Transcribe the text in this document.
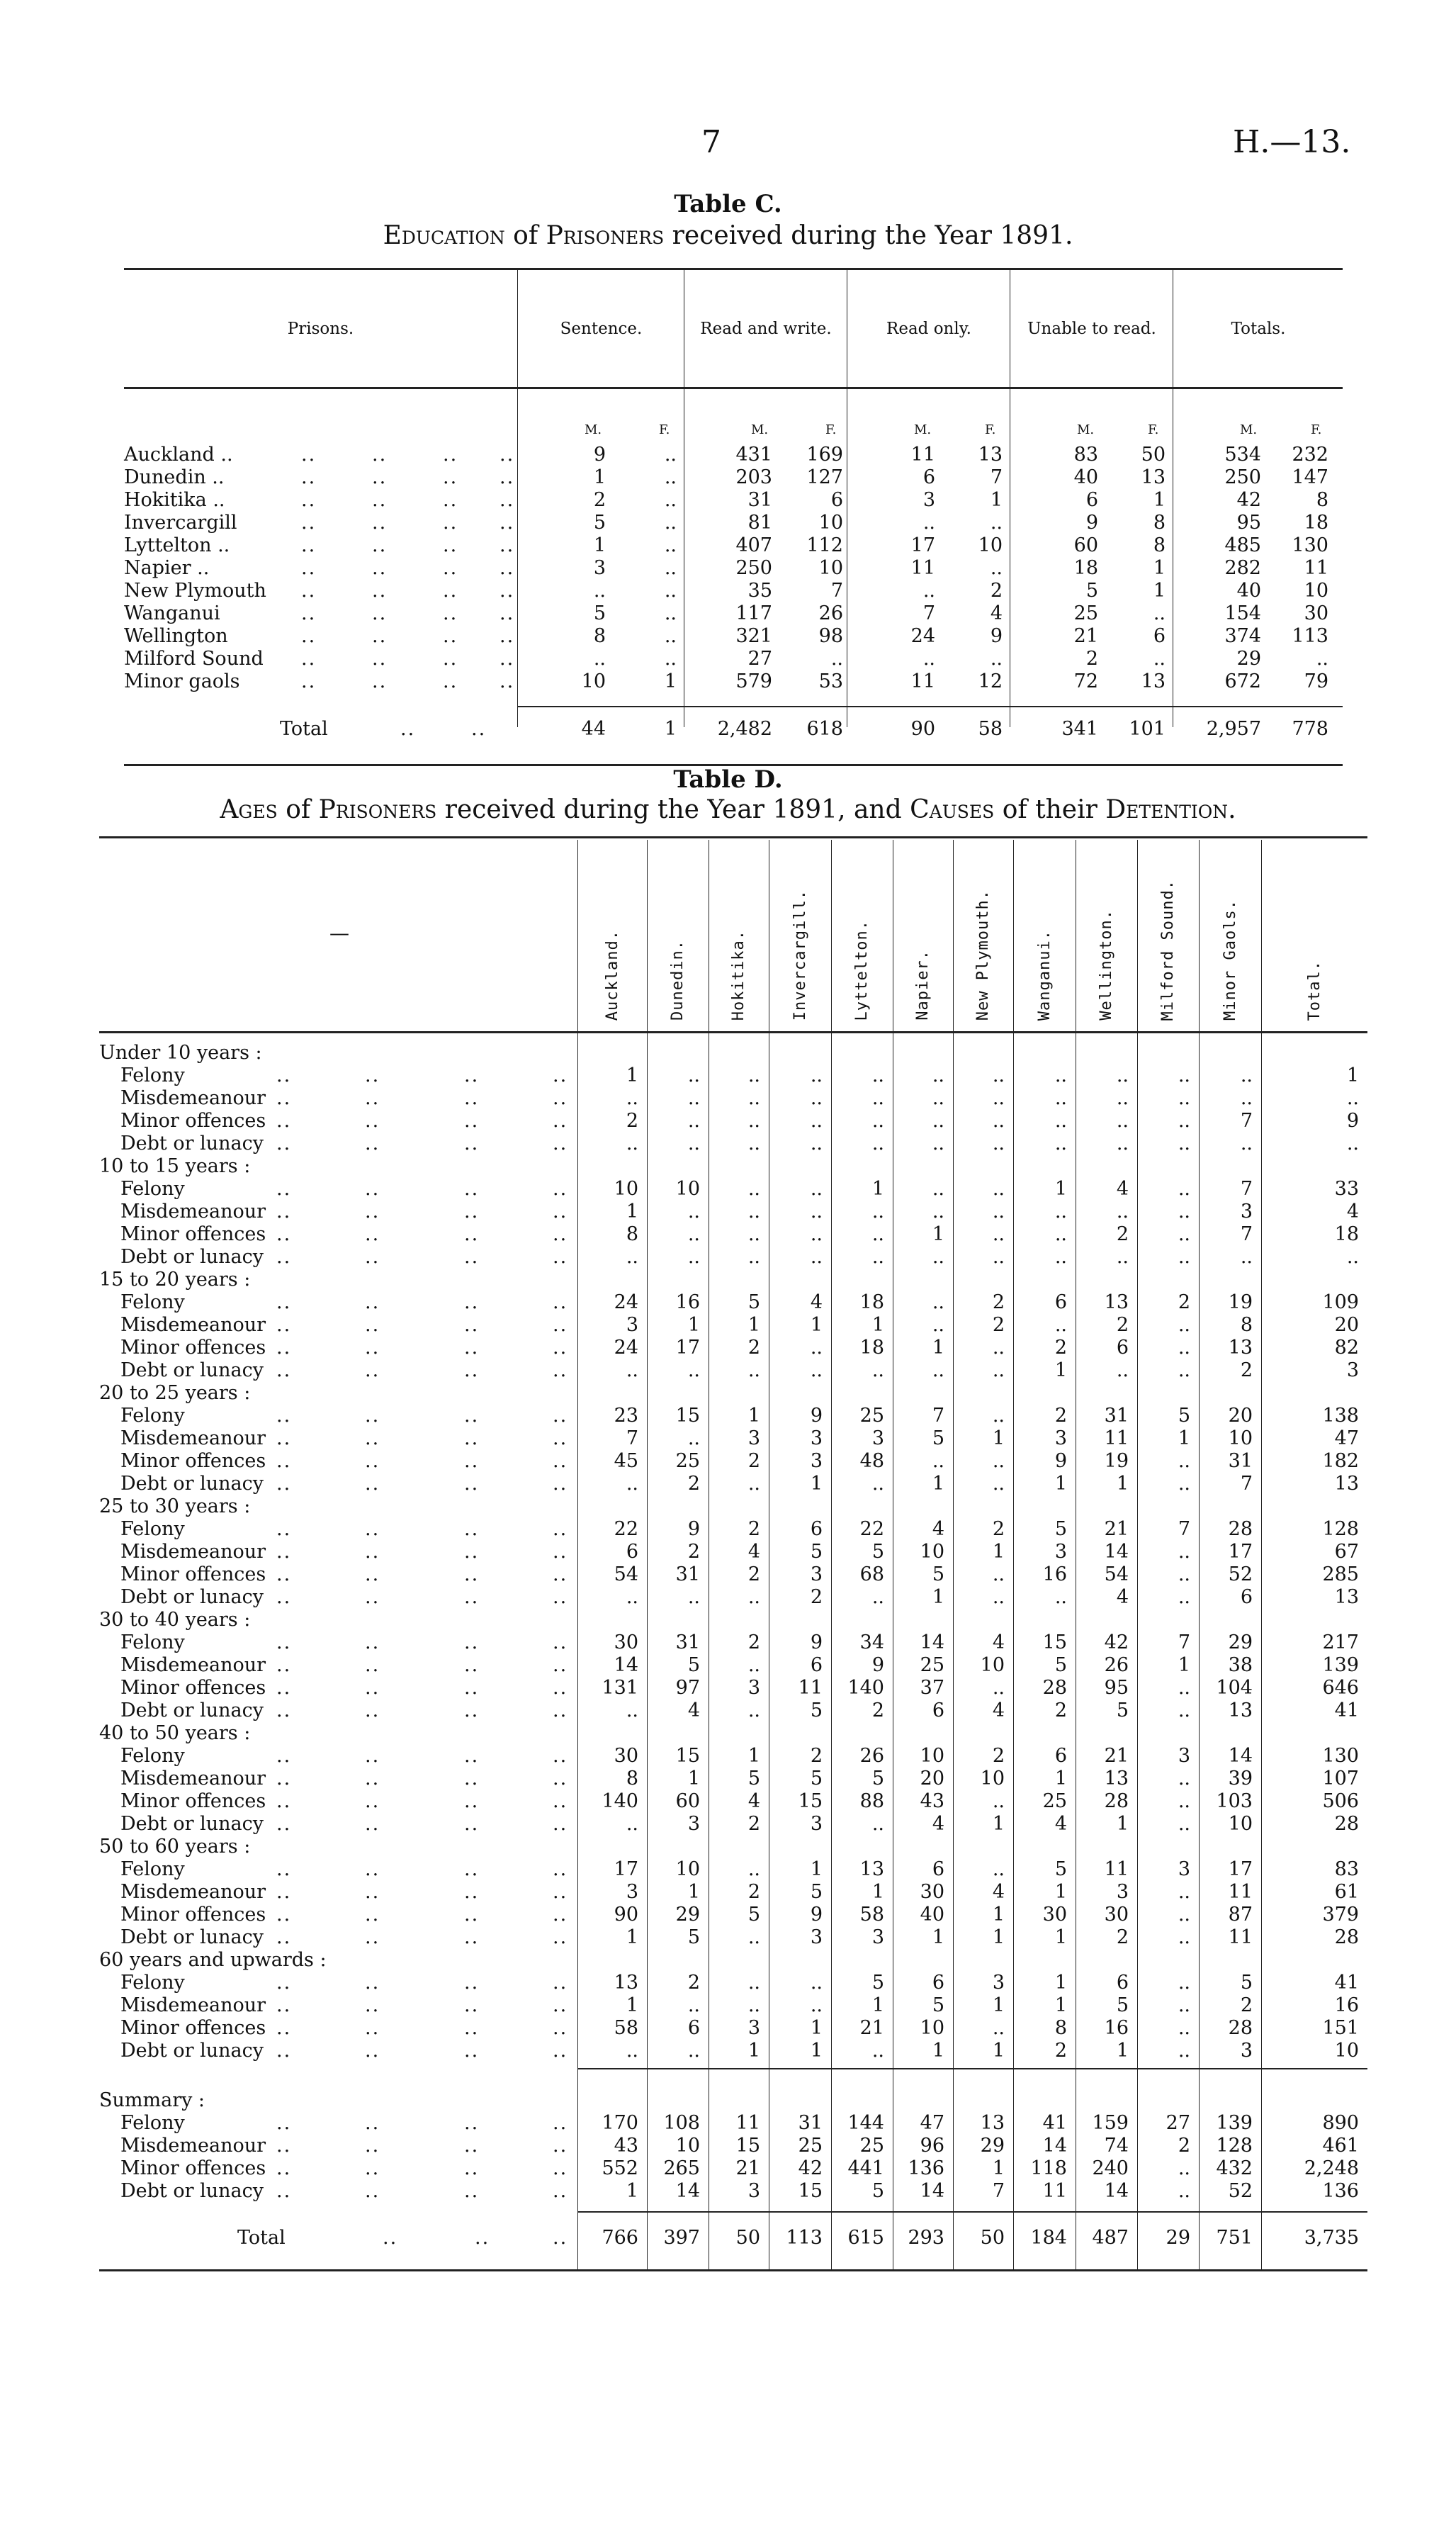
7	H.—13.
Table C.
Education of Prisoners received during the Year 1891.
Prisons.	Sentence.	Read and write.	Read only.	Unable to read.	Totals.
M.	F.	M.	F.	M.	F.	M.	F.	M.	F.
Auckland ..	..	..	.. ..	9	..	431	169	11	13	83	50	534	232
Dunedin ..	..	..	.. ..	1	..	203	127	6	7	40	13	250	147
Hokitika ..	..	..	.. ..	2	..	31	6	3	1	6	1	42	8
Invercargill	..	..	.. ..	5	..	81	10	..	..	9	8	95	18
Lyttelton ..	..	..	.. ..	1	..	407	112	17	10	60	8	485	130
Napier ..	..	..	.. ..	3	..	250	10	11	..	18	1	282	11
New Plymouth ..	..	.. ..	..	..	35	7	..	2	5	1	40	10
Wanganui	..	..	.. ..	5	..	117	26	7	4	25	..	154	30
Wellington	..	..	.. ..	8	..	321	98	24	9	21	6	374	113
Milford Sound ..	..	.. ..	..	..	27	..	..	..	2	..	29	..
Minor gaols	..	..	.. ..	10	1	579	53	11	12	72	13	672	79
Total	..	..	44	1	2,482	618	90	58	341	101	2,957	778
Table D.
Ages of Prisoners received during the Year 1891, and Causes of their Detention.
Auckland.	Dunedin.	Hokitika.	Invercargill.	Lyttelton.	Napier.	New Plymouth.	Wanganui.	Wellington.	Milford Sound.	Minor Gaols.	Total.
—
Under 10 years :
Felony	..	..	..	..	1	..	..	..	..	..	..	..	..	..	..	1
Misdemeanour ..	..	..	..	..	..	..	..	..	..	..	..	..	..	..	..
Minor offences ..	..	..	..	2	..	..	..	..	..	..	..	..	..	7	9
Debt or lunacy ..	..	..	..	..	..	..	..	..	..	..	..	..	..	..	..
10 to 15 years :
Felony	..	..	..	..	10	10	..	..	1	..	..	1	4	..	7	33
Misdemeanour ..	..	..	..	1	..	..	..	..	..	..	..	..	..	3	4
Minor offences ..	..	..	..	8	..	..	..	..	1	..	..	2	..	7	18
Debt or lunacy ..	..	..	..	..	..	..	..	..	..	..	..	..	..	..	..
15 to 20 years :
Felony	..	..	..	..	24	16	5	4	18	..	2	6	13	2	19	109
Misdemeanour ..	..	..	..	3	1	1	1	1	..	2	..	2	..	8	20
Minor offences ..	..	..	..	24	17	2	..	18	1	..	2	6	..	13	82
Debt or lunacy ..	..	..	..	..	..	..	..	..	..	..	1	..	..	2	3
20 to 25 years :
Felony	..	..	..	..	23	15	1	9	25	7	..	2	31	5	20	138
Misdemeanour ..	..	..	..	7	..	3	3	3	5	1	3	11	1	10	47
Minor offences ..	..	..	..	45	25	2	3	48	..	..	9	19	..	31	182
Debt or lunacy ..	..	..	..	..	2	..	1	..	1	..	1	1	..	7	13
25 to 30 years :
Felony	..	..	..	..	22	9	2	6	22	4	2	5	21	7	28	128
Misdemeanour ..	..	..	..	6	2	4	5	5	10	1	3	14	..	17	67
Minor offences ..	..	..	..	54	31	2	3	68	5	..	16	54	..	52	285
Debt or lunacy ..	..	..	..	..	..	..	2	..	1	..	..	4	..	6	13
30 to 40 years :
Felony	..	..	..	..	30	31	2	9	34	14	4	15	42	7	29	217
Misdemeanour ..	..	..	..	14	5	..	6	9	25	10	5	26	1	38	139
Minor offences ..	..	..	..	131	97	3	11	140	37	..	28	95	..	104	646
Debt or lunacy ..	..	..	..	..	4	..	5	2	6	4	2	5	..	13	41
40 to 50 years :
Felony	..	..	..	..	30	15	1	2	26	10	2	6	21	3	14	130
Misdemeanour ..	..	..	..	8	1	5	5	5	20	10	1	13	..	39	107
Minor offences ..	..	..	..	140	60	4	15	88	43	..	25	28	..	103	506
Debt or lunacy ..	..	..	..	..	3	2	3	..	4	1	4	1	..	10	28
50 to 60 years :
Felony	..	..	..	..	17	10	..	1	13	6	..	5	11	3	17	83
Misdemeanour ..	..	..	..	3	1	2	5	1	30	4	1	3	..	11	61
Minor offences ..	..	..	..	90	29	5	9	58	40	1	30	30	..	87	379
Debt or lunacy ..	..	..	..	1	5	..	3	3	1	1	1	2	..	11	28
60 years and upwards :
Felony	..	..	..	..	13	2	..	..	5	6	3	1	6	..	5	41
Misdemeanour ..	..	..	..	1	..	..	..	1	5	1	1	5	..	2	16
Minor offences ..	..	..	..	58	6	3	1	21	10	..	8	16	..	28	151
Debt or lunacy ..	..	..	..	..	..	1	1	..	1	1	2	1	..	3	10
Summary :
Felony	..	..	..	..	170	108	11	31	144	47	13	41	159	27	139	890
Misdemeanour ..	..	..	..	43	10	15	25	25	96	29	14	74	2	128	461
Minor offences ..	..	..	..	552	265	21	42	441	136	1	118	240	..	432	2,248
Debt or lunacy ..	..	..	..	1	14	3	15	5	14	7	11	14	..	52	136
Total	..	..	..	766	397	50	113	615	293	50	184	487	29	751	3,735
